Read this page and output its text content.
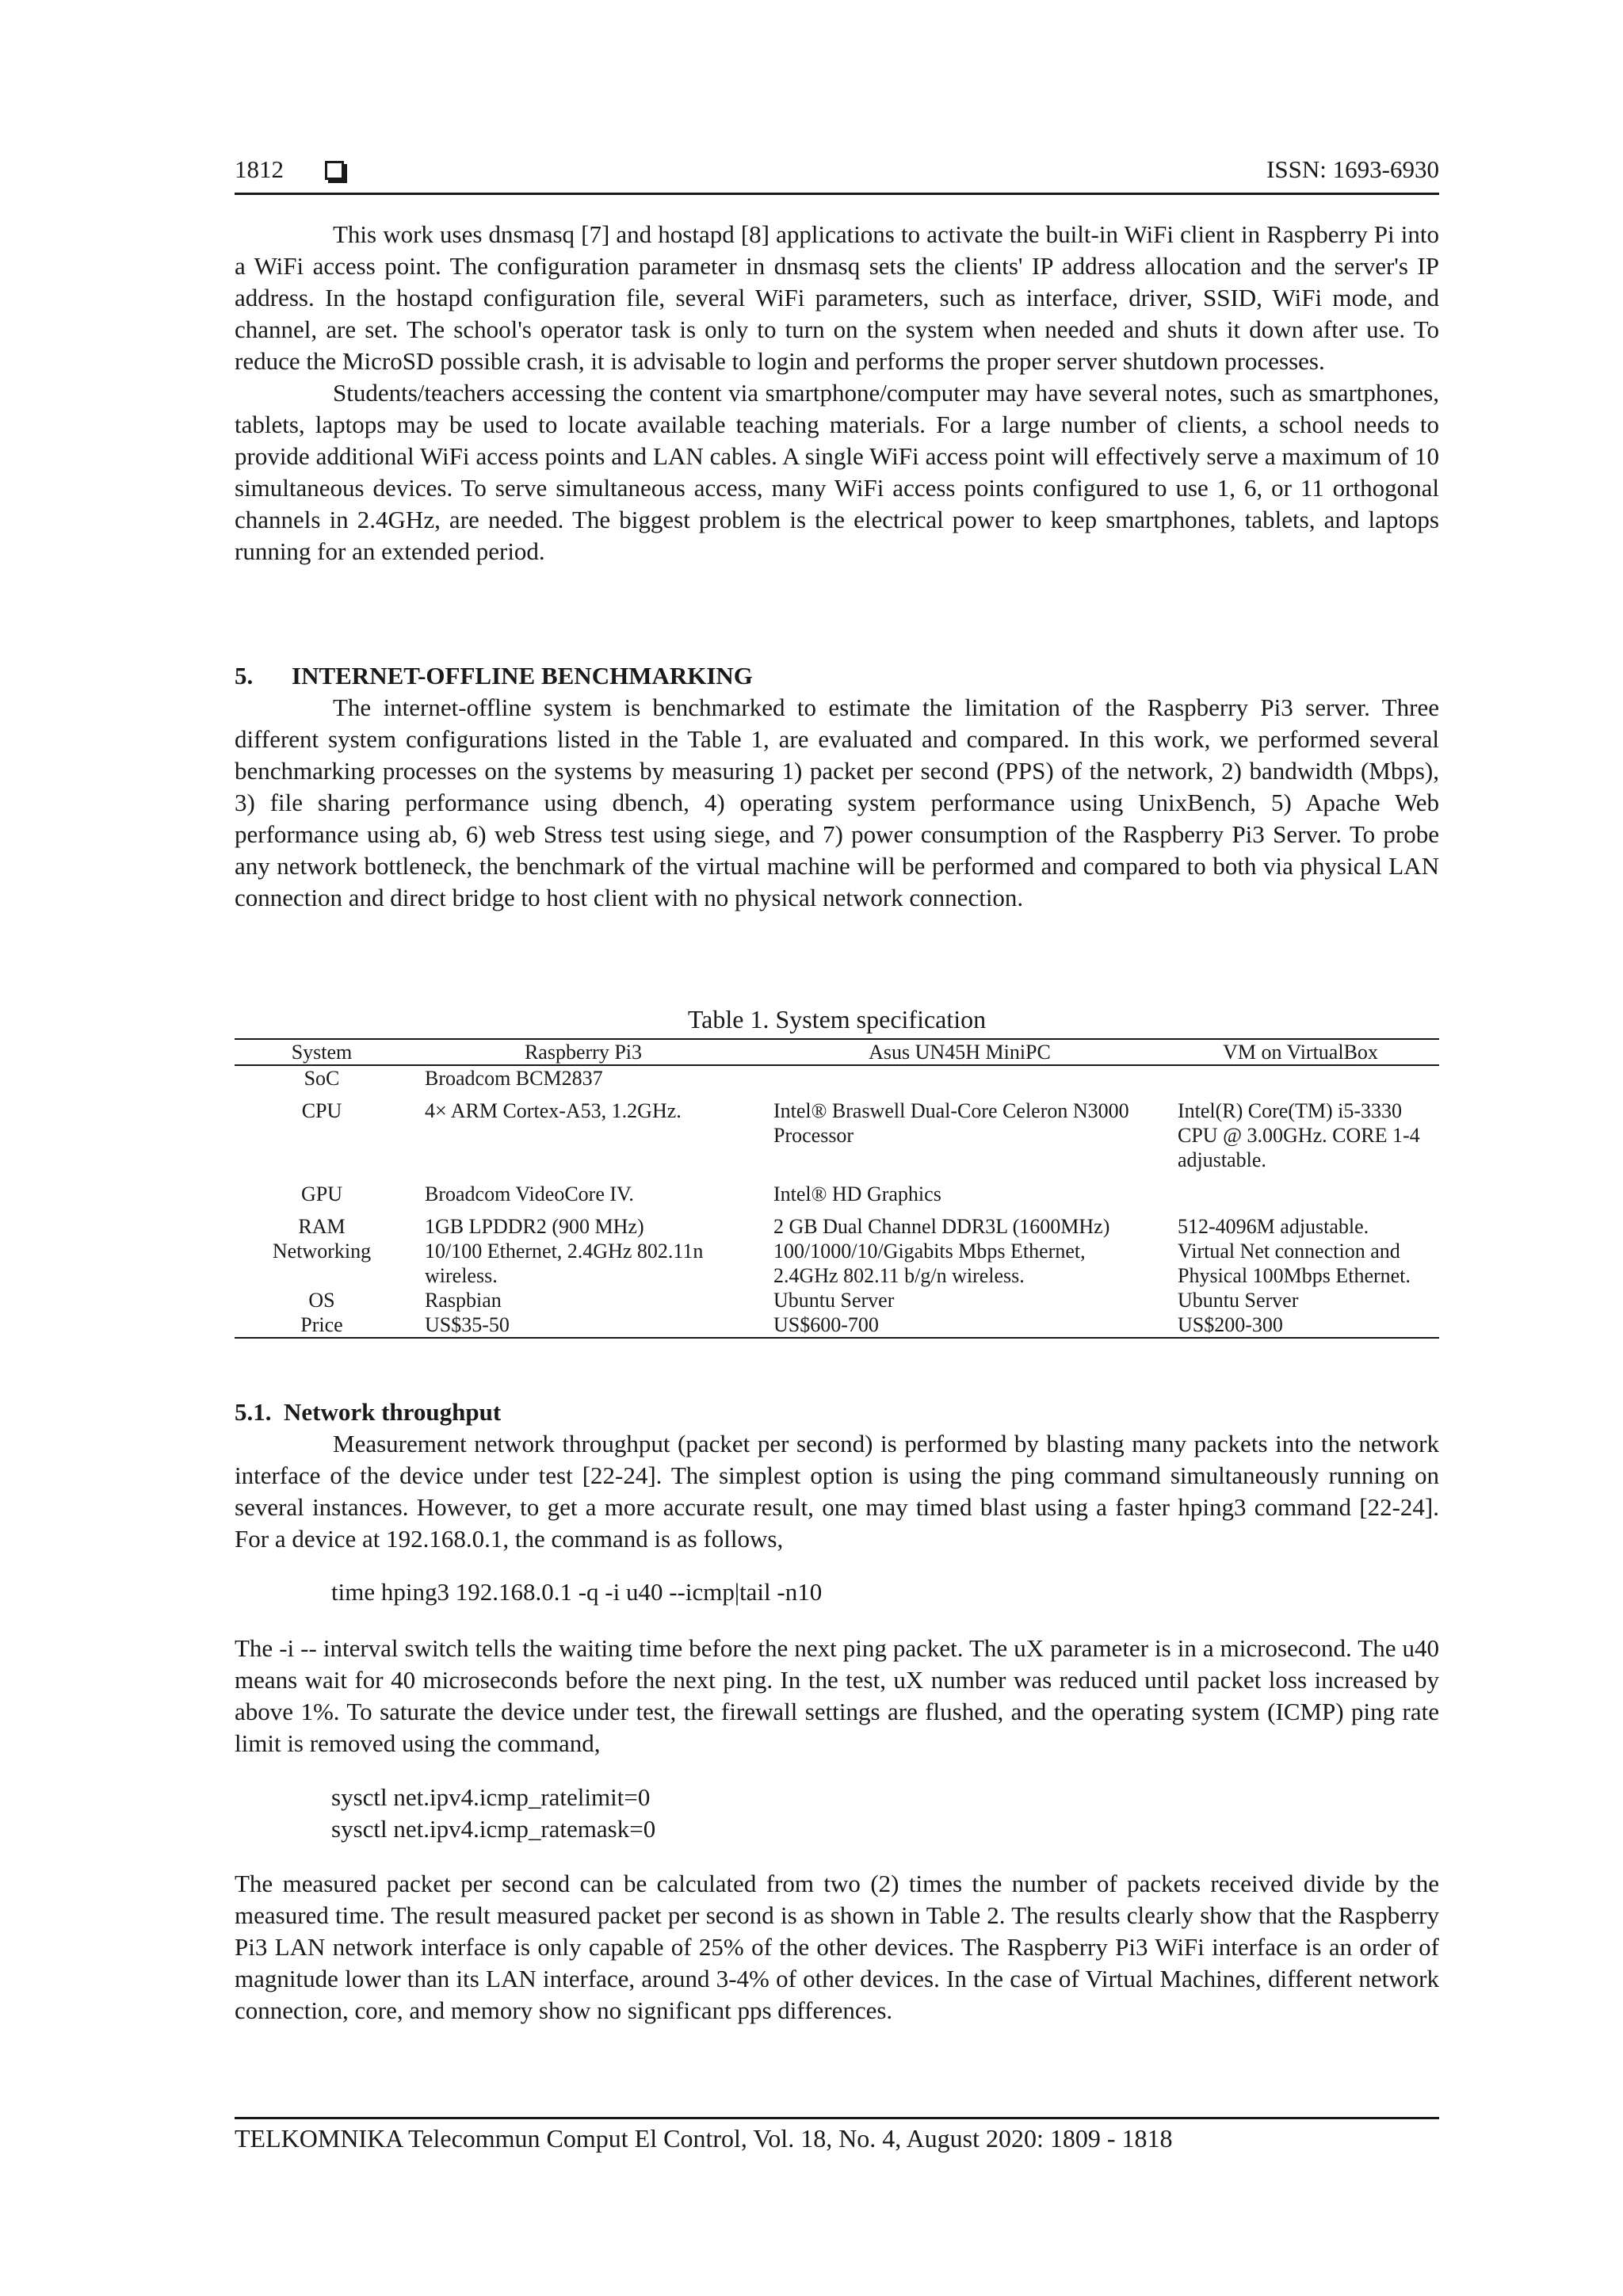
1812	ISSN: 1693-6930

This work uses dnsmasq [7] and hostapd [8] applications to activate the built-in WiFi client in Raspberry Pi into a WiFi access point. The configuration parameter in dnsmasq sets the clients' IP address allocation and the server's IP address. In the hostapd configuration file, several WiFi parameters, such as interface, driver, SSID, WiFi mode, and channel, are set. The school's operator task is only to turn on the system when needed and shuts it down after use. To reduce the MicroSD possible crash, it is advisable to login and performs the proper server shutdown processes.

Students/teachers accessing the content via smartphone/computer may have several notes, such as smartphones, tablets, laptops may be used to locate available teaching materials. For a large number of clients, a school needs to provide additional WiFi access points and LAN cables. A single WiFi access point will effectively serve a maximum of 10 simultaneous devices. To serve simultaneous access, many WiFi access points configured to use 1, 6, or 11 orthogonal channels in 2.4GHz, are needed. The biggest problem is the electrical power to keep smartphones, tablets, and laptops running for an extended period.

5. INTERNET-OFFLINE BENCHMARKING

The internet-offline system is benchmarked to estimate the limitation of the Raspberry Pi3 server. Three different system configurations listed in the Table 1, are evaluated and compared. In this work, we performed several benchmarking processes on the systems by measuring 1) packet per second (PPS) of the network, 2) bandwidth (Mbps), 3) file sharing performance using dbench, 4) operating system performance using UnixBench, 5) Apache Web performance using ab, 6) web Stress test using siege, and 7) power consumption of the Raspberry Pi3 Server. To probe any network bottleneck, the benchmark of the virtual machine will be performed and compared to both via physical LAN connection and direct bridge to host client with no physical network connection.

Table 1. System specification
System	Raspberry Pi3	Asus UN45H MiniPC	VM on VirtualBox
SoC	Broadcom BCM2837		
CPU	4× ARM Cortex-A53, 1.2GHz.	Intel® Braswell Dual-Core Celeron N3000 Processor	Intel(R) Core(TM) i5-3330 CPU @ 3.00GHz. CORE 1-4 adjustable.
GPU	Broadcom VideoCore IV.	Intel® HD Graphics	
RAM	1GB LPDDR2 (900 MHz)	2 GB Dual Channel DDR3L (1600MHz)	512-4096M adjustable.
Networking	10/100 Ethernet, 2.4GHz 802.11n wireless.	100/1000/10/Gigabits Mbps Ethernet, 2.4GHz 802.11 b/g/n wireless.	Virtual Net connection and Physical 100Mbps Ethernet.
OS	Raspbian	Ubuntu Server	Ubuntu Server
Price	US$35-50	US$600-700	US$200-300
5.1. Network throughput

Measurement network throughput (packet per second) is performed by blasting many packets into the network interface of the device under test [22-24]. The simplest option is using the ping command simultaneously running on several instances. However, to get a more accurate result, one may timed blast using a faster hping3 command [22-24]. For a device at 192.168.0.1, the command is as follows,

time hping3 192.168.0.1 -q -i u40 --icmp|tail -n10

The -i -- interval switch tells the waiting time before the next ping packet. The uX parameter is in a microsecond. The u40 means wait for 40 microseconds before the next ping. In the test, uX number was reduced until packet loss increased by above 1%. To saturate the device under test, the firewall settings are flushed, and the operating system (ICMP) ping rate limit is removed using the command,

sysctl net.ipv4.icmp_ratelimit=0
sysctl net.ipv4.icmp_ratemask=0

The measured packet per second can be calculated from two (2) times the number of packets received divide by the measured time. The result measured packet per second is as shown in Table 2. The results clearly show that the Raspberry Pi3 LAN network interface is only capable of 25% of the other devices. The Raspberry Pi3 WiFi interface is an order of magnitude lower than its LAN interface, around 3-4% of other devices. In the case of Virtual Machines, different network connection, core, and memory show no significant pps differences.

TELKOMNIKA Telecommun Comput El Control, Vol. 18, No. 4, August 2020: 1809 - 1818
